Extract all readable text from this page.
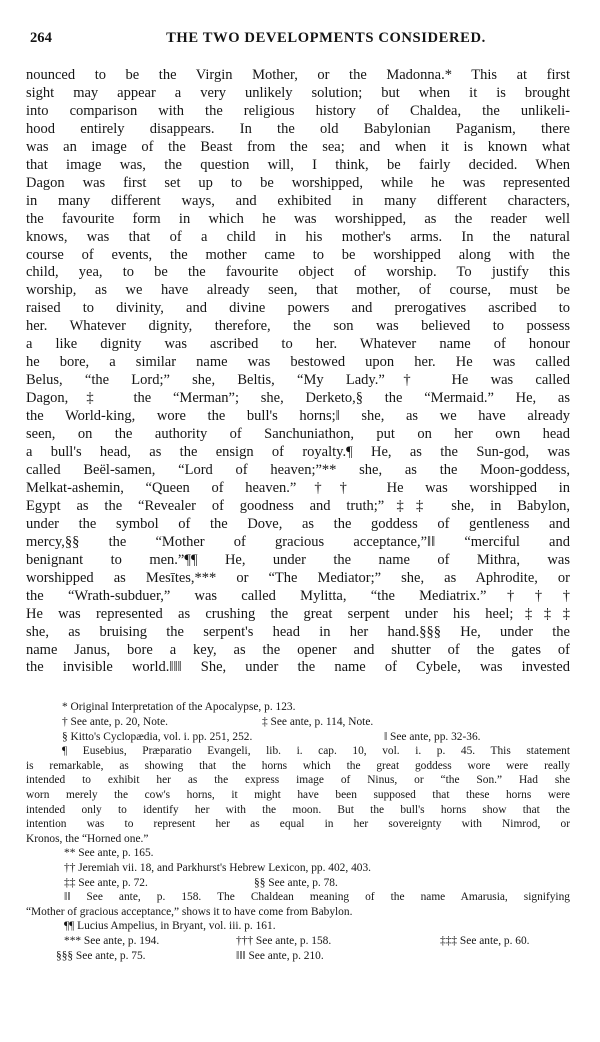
264	THE TWO DEVELOPMENTS CONSIDERED.
nounced to be the Virgin Mother, or the Madonna.* This at first
sight may appear a very unlikely solution; but when it is brought
into comparison with the religious history of Chaldea, the unlikeli-
hood entirely disappears. In the old Babylonian Paganism, there
was an image of the Beast from the sea; and when it is known what
that image was, the question will, I think, be fairly decided. When
Dagon was first set up to be worshipped, while he was represented
in many different ways, and exhibited in many different characters,
the favourite form in which he was worshipped, as the reader well
knows, was that of a child in his mother's arms. In the natural
course of events, the mother came to be worshipped along with the
child, yea, to be the favourite object of worship. To justify this
worship, as we have already seen, that mother, of course, must be
raised to divinity, and divine powers and prerogatives ascribed to
her. Whatever dignity, therefore, the son was believed to possess
a like dignity was ascribed to her. Whatever name of honour
he bore, a similar name was bestowed upon her. He was called
Belus, “the Lord;” she, Beltis, “My Lady.”† He was called
Dagon,‡ the “Merman”; she, Derketo,§ the “Mermaid.” He, as
the World-king, wore the bull's horns;‖ she, as we have already
seen, on the authority of Sanchuniathon, put on her own head
a bull's head, as the ensign of royalty.¶ He, as the Sun-god, was
called Beël-samen, “Lord of heaven;”** she, as the Moon-goddess,
Melkat-ashemin, “Queen of heaven.”†† He was worshipped in
Egypt as the “Revealer of goodness and truth;”‡‡ she, in Babylon,
under the symbol of the Dove, as the goddess of gentleness and
mercy,§§ the “Mother of gracious acceptance,”‖‖ “merciful and
benignant to men.”¶¶ He, under the name of Mithra, was
worshipped as Mesītes,*** or “The Mediator;” she, as Aphrodite, or
the “Wrath-subduer,” was called Mylitta, “the Mediatrix.”†††
He was represented as crushing the great serpent under his heel;‡‡‡
she, as bruising the serpent's head in her hand.§§§ He, under the
name Janus, bore a key, as the opener and shutter of the gates of
the invisible world.‖‖‖ She, under the name of Cybele, was invested
* Original Interpretation of the Apocalypse, p. 123.
† See ante, p. 20, Note.	‡ See ante, p. 114, Note.
§ Kitto's Cyclopædia, vol. i. pp. 251, 252.	‖ See ante, pp. 32-36.
¶ Eusebius, Præparatio Evangeli, lib. i. cap. 10, vol. i. p. 45. This statement
is remarkable, as showing that the horns which the great goddess wore were really
intended to exhibit her as the express image of Ninus, or “the Son.” Had she
worn merely the cow's horns, it might have been supposed that these horns were
intended only to identify her with the moon. But the bull's horns show that the
intention was to represent her as equal in her sovereignty with Nimrod, or
Kronos, the “Horned one.”
** See ante, p. 165.
†† Jeremiah vii. 18, and Parkhurst's Hebrew Lexicon, pp. 402, 403.
‡‡ See ante, p. 72.	§§ See ante, p. 78.
‖‖ See ante, p. 158. The Chaldean meaning of the name Amarusia, signifying
“Mother of gracious acceptance,” shows it to have come from Babylon.
¶¶ Lucius Ampelius, in Bryant, vol. iii. p. 161.
*** See ante, p. 194.	††† See ante, p. 158.	‡‡‡ See ante, p. 60.
§§§ See ante, p. 75.	‖‖‖ See ante, p. 210.
